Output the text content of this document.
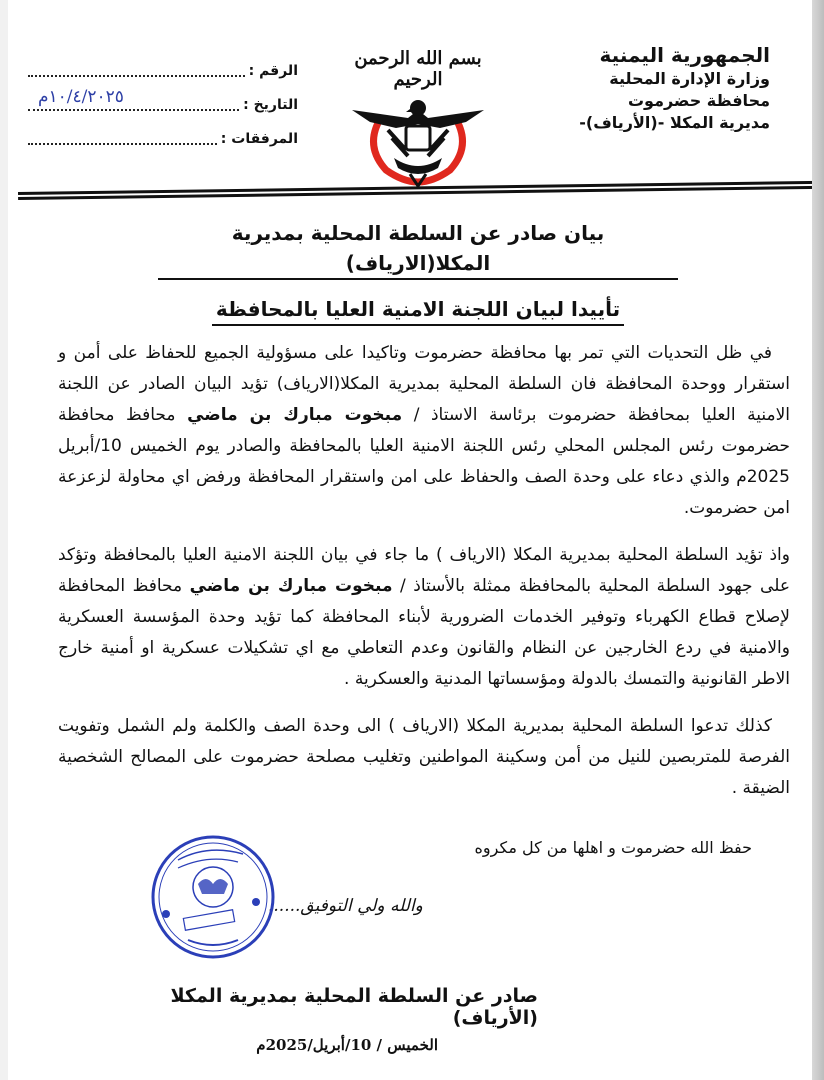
الجمهورية اليمنية
وزارة الإدارة المحلية
محافظة حضرموت
مديرية المكلا -(الأرياف)-
الرقم :
التاريخ :
١٠/٤/٢٠٢٥م
المرفقات :
بسم الله الرحمن الرحيم
بيان صادر عن السلطة المحلية بمديرية المكلا(الارياف)
تأييدا لبيان اللجنة الامنية العليا بالمحافظة

في ظل التحديات التي تمر بها محافظة حضرموت وتاكيدا على مسؤولية الجميع للحفاظ على أمن و استقرار ووحدة المحافظة فان السلطة المحلية بمديرية المكلا(الارياف) تؤيد البيان الصادر عن اللجنة الامنية العليا بمحافظة حضرموت برئاسة الاستاذ / مبخوت مبارك بن ماضي محافظ محافظة حضرموت رئس المجلس المحلي رئس اللجنة الامنية العليا بالمحافظة والصادر يوم الخميس 10/أبريل 2025م والذي دعاء على وحدة الصف والحفاظ على امن واستقرار المحافظة ورفض اي محاولة لزعزعة امن حضرموت.

واذ تؤيد السلطة المحلية بمديرية المكلا (الارياف ) ما جاء في بيان اللجنة الامنية العليا بالمحافظة وتؤكد على جهود السلطة المحلية بالمحافظة ممثلة بالأستاذ / مبخوت مبارك بن ماضي محافظ المحافظة لإصلاح قطاع الكهرباء وتوفير الخدمات الضرورية لأبناء المحافظة كما تؤيد وحدة المؤسسة العسكرية والامنية في ردع الخارجين عن النظام والقانون وعدم التعاطي مع اي تشكيلات عسكرية او أمنية خارج الاطر القانونية والتمسك بالدولة ومؤسساتها المدنية والعسكرية .

كذلك تدعوا السلطة المحلية بمديرية المكلا (الارياف ) الى وحدة الصف والكلمة ولم الشمل وتفويت الفرصة للمتربصين للنيل من أمن وسكينة المواطنين وتغليب مصلحة حضرموت على المصالح الشخصية الضيقة .

حفظ الله حضرموت و اهلها من كل مكروه
والله ولي التوفيق......
صادر عن السلطة المحلية بمديرية المكلا (الأرياف)
الخميس / 10/أبريل/2025م
